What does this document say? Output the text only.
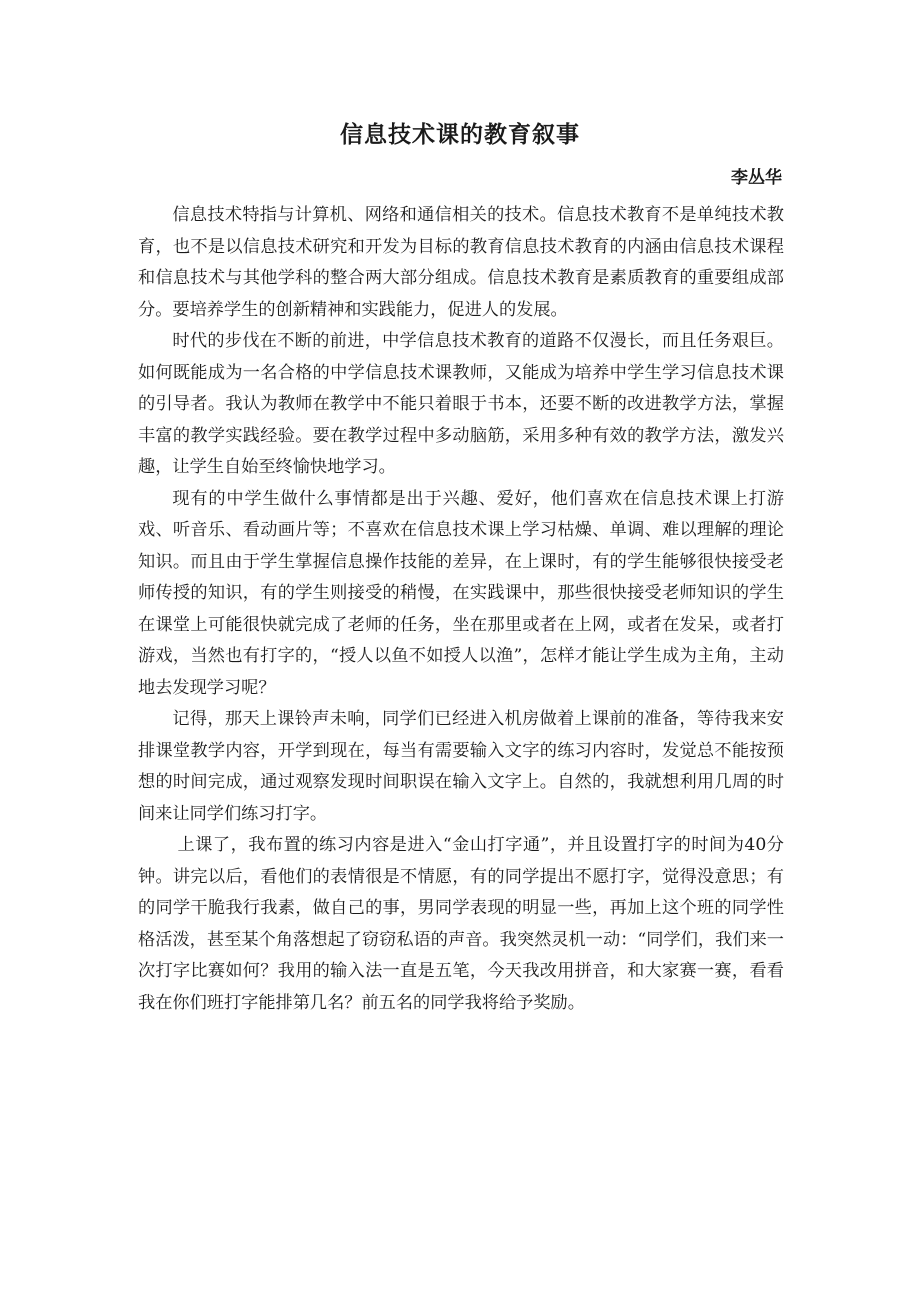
信息技术课的教育叙事
李丛华

信息技术特指与计算机、网络和通信相关的技术。信息技术教育不是单纯技术教育，也不是以信息技术研究和开发为目标的教育信息技术教育的内涵由信息技术课程和信息技术与其他学科的整合两大部分组成。信息技术教育是素质教育的重要组成部分。要培养学生的创新精神和实践能力，促进人的发展。

时代的步伐在不断的前进，中学信息技术教育的道路不仅漫长，而且任务艰巨。如何既能成为一名合格的中学信息技术课教师，又能成为培养中学生学习信息技术课的引导者。我认为教师在教学中不能只着眼于书本，还要不断的改进教学方法，掌握丰富的教学实践经验。要在教学过程中多动脑筋，采用多种有效的教学方法，激发兴趣，让学生自始至终愉快地学习。

现有的中学生做什么事情都是出于兴趣、爱好，他们喜欢在信息技术课上打游戏、听音乐、看动画片等；不喜欢在信息技术课上学习枯燥、单调、难以理解的理论知识。而且由于学生掌握信息操作技能的差异，在上课时，有的学生能够很快接受老师传授的知识，有的学生则接受的稍慢，在实践课中，那些很快接受老师知识的学生在课堂上可能很快就完成了老师的任务，坐在那里或者在上网，或者在发呆，或者打游戏，当然也有打字的，“授人以鱼不如授人以渔”，怎样才能让学生成为主角，主动地去发现学习呢？

记得，那天上课铃声未响，同学们已经进入机房做着上课前的准备，等待我来安排课堂教学内容，开学到现在，每当有需要输入文字的练习内容时，发觉总不能按预想的时间完成，通过观察发现时间职误在输入文字上。自然的，我就想利用几周的时间来让同学们练习打字。

上课了，我布置的练习内容是进入“金山打字通”，并且设置打字的时间为40分钟。讲完以后，看他们的表情很是不情愿，有的同学提出不愿打字，觉得没意思；有的同学干脆我行我素，做自己的事，男同学表现的明显一些，再加上这个班的同学性格活泼，甚至某个角落想起了窃窃私语的声音。我突然灵机一动：“同学们，我们来一次打字比赛如何？我用的输入法一直是五笔，今天我改用拼音，和大家赛一赛，看看我在你们班打字能排第几名？前五名的同学我将给予奖励。
